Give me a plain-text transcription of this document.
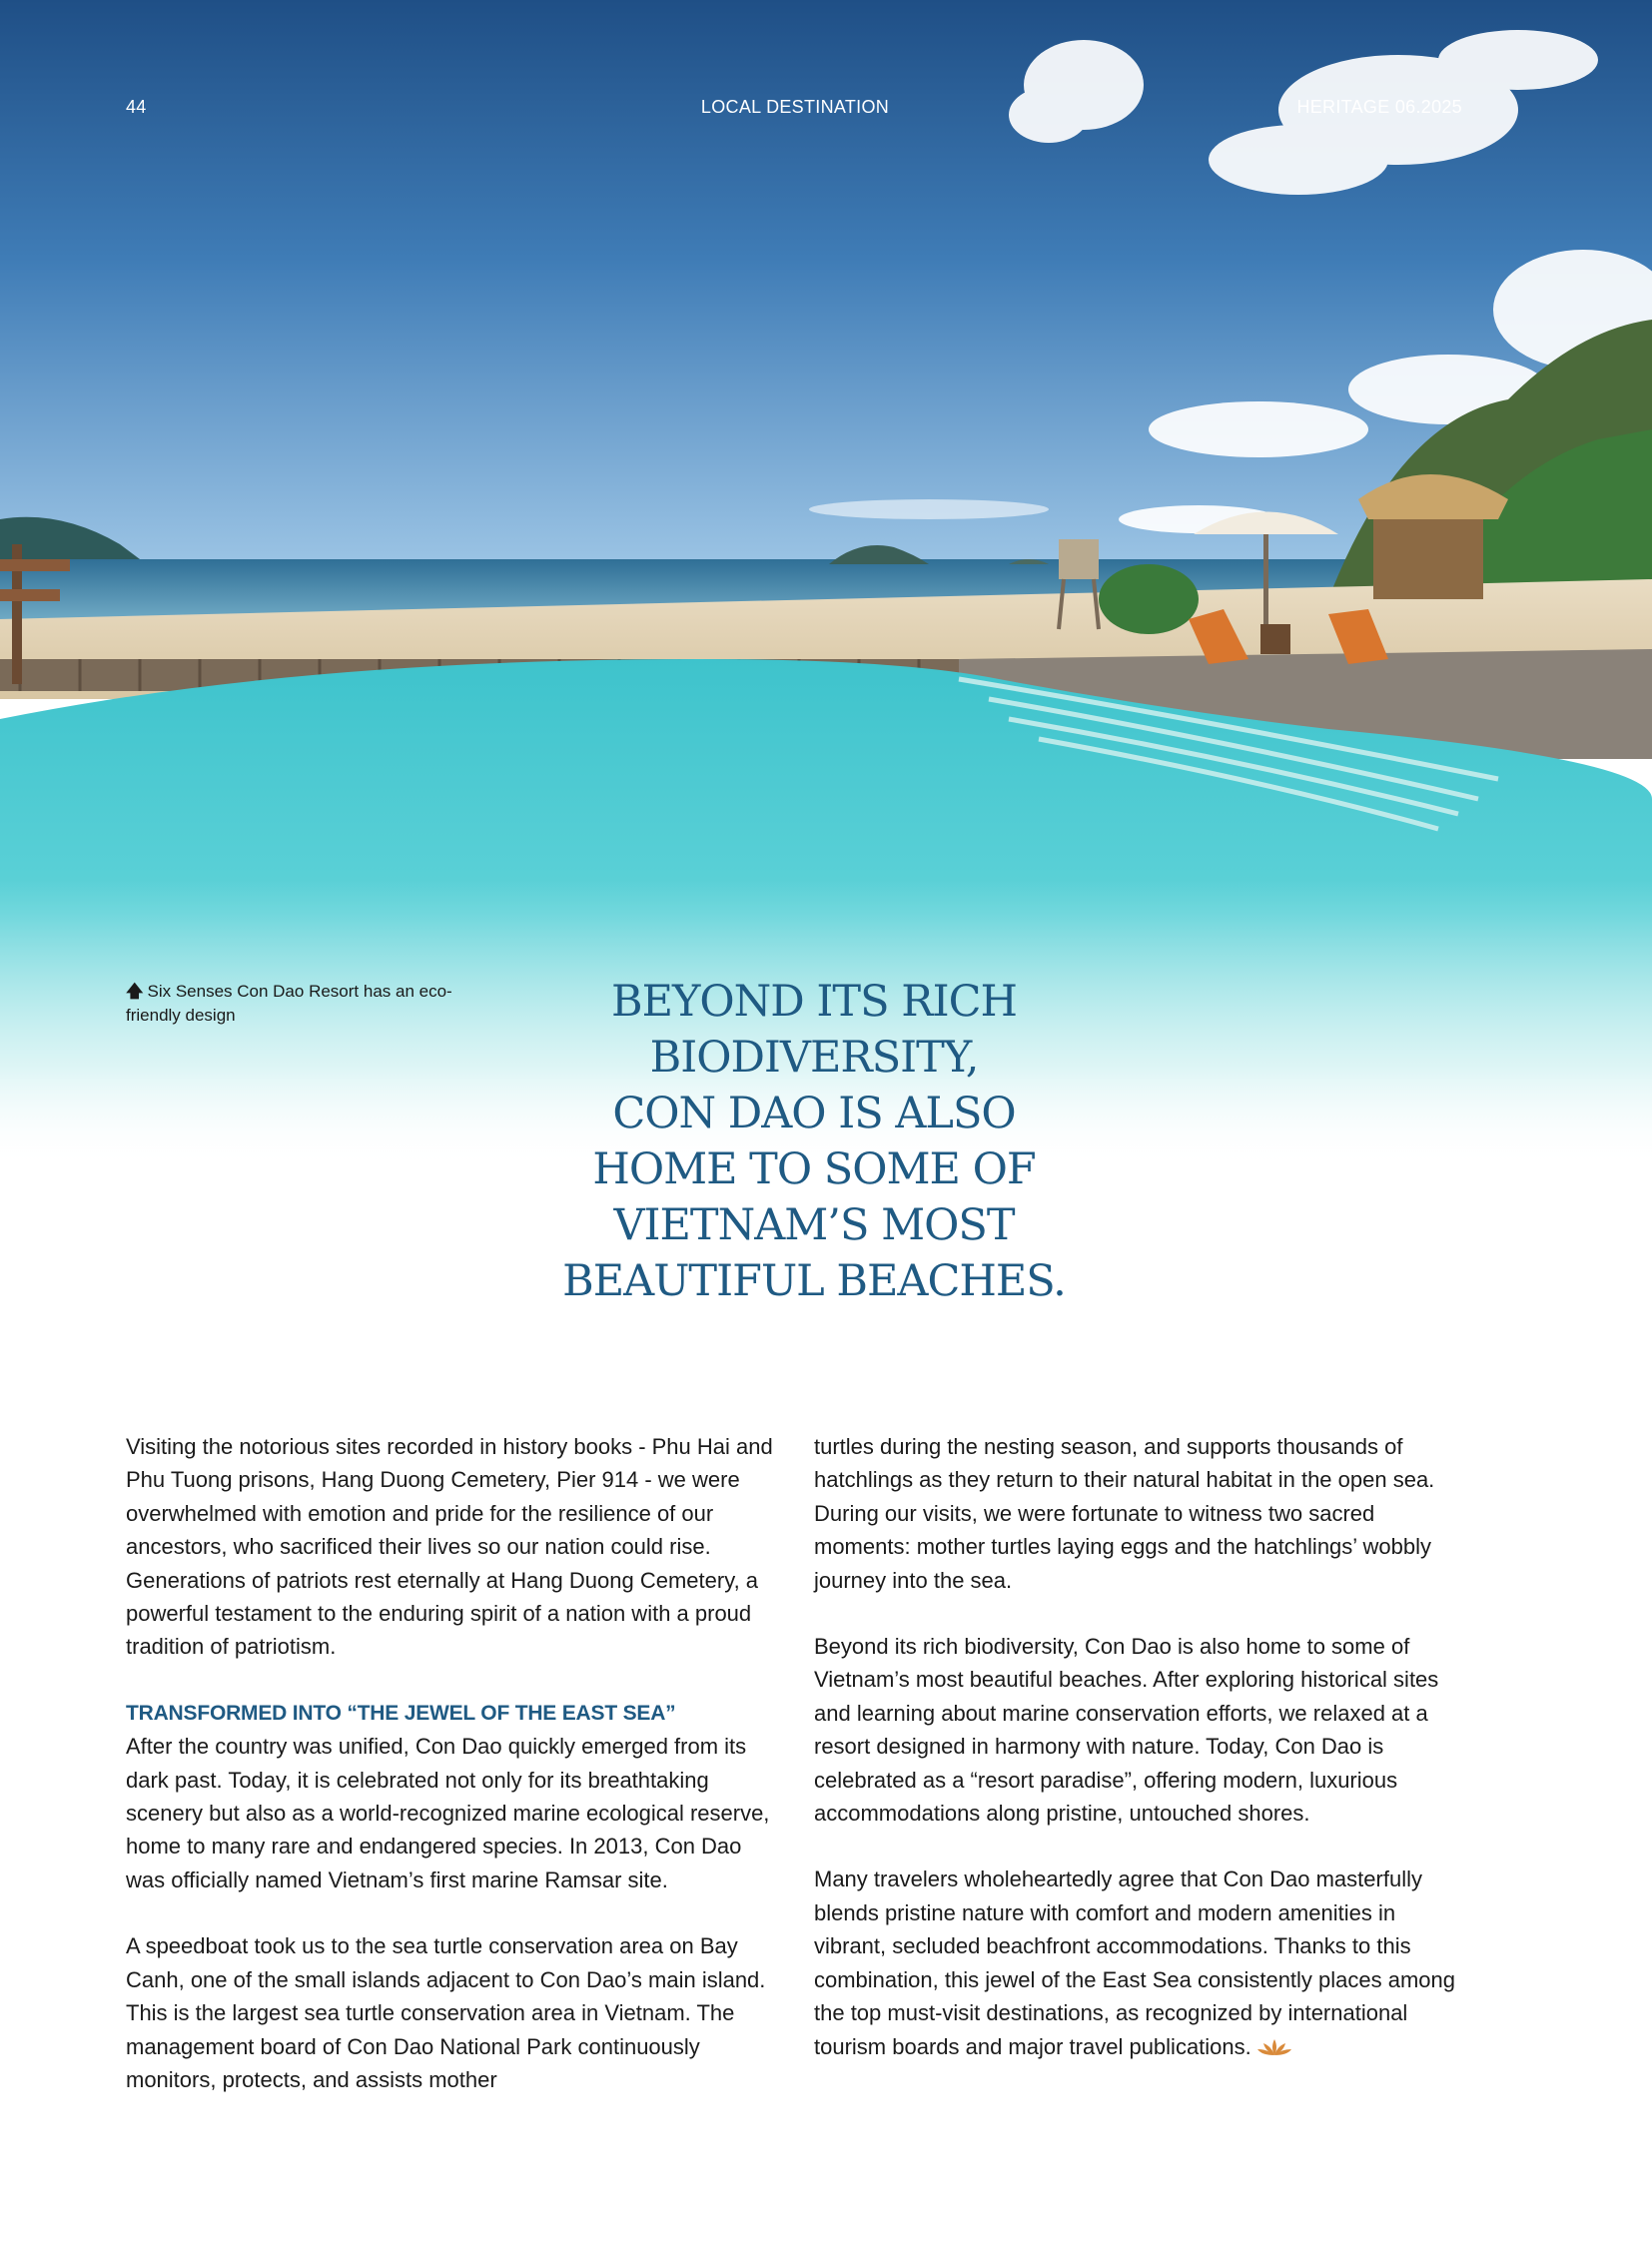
44	LOCAL DESTINATION	HERITAGE 06.2025
🡅 Six Senses Con Dao Resort has an eco-friendly design	BEYOND ITS RICH
BIODIVERSITY,
CON DAO IS ALSO
HOME TO SOME OF
VIETNAM’S MOST
BEAUTIFUL BEACHES.

Visiting the notorious sites recorded in history books - Phu Hai and Phu Tuong prisons, Hang Duong Cemetery, Pier 914 - we were overwhelmed with emotion and pride for the resilience of our ancestors, who sacrificed their lives so our nation could rise. Generations of patriots rest eternally at Hang Duong Cemetery, a powerful testament to the enduring spirit of a nation with a proud tradition of patriotism.

TRANSFORMED INTO “THE JEWEL OF THE EAST SEA”

After the country was unified, Con Dao quickly emerged from its dark past. Today, it is celebrated not only for its breathtaking scenery but also as a world-recognized marine ecological reserve, home to many rare and endangered species. In 2013, Con Dao was officially named Vietnam’s first marine Ramsar site.

A speedboat took us to the sea turtle conservation area on Bay Canh, one of the small islands adjacent to Con Dao’s main island. This is the largest sea turtle conservation area in Vietnam. The management board of Con Dao National Park continuously monitors, protects, and assists mother

turtles during the nesting season, and supports thousands of hatchlings as they return to their natural habitat in the open sea. During our visits, we were fortunate to witness two sacred moments: mother turtles laying eggs and the hatchlings’ wobbly journey into the sea.

Beyond its rich biodiversity, Con Dao is also home to some of Vietnam’s most beautiful beaches. After exploring historical sites and learning about marine conservation efforts, we relaxed at a resort designed in harmony with nature. Today, Con Dao is celebrated as a “resort paradise”, offering modern, luxurious accommodations along pristine, untouched shores.

Many travelers wholeheartedly agree that Con Dao masterfully blends pristine nature with comfort and modern amenities in vibrant, secluded beachfront accommodations. Thanks to this combination, this jewel of the East Sea consistently places among the top must-visit destinations, as recognized by international tourism boards and major travel publications.
